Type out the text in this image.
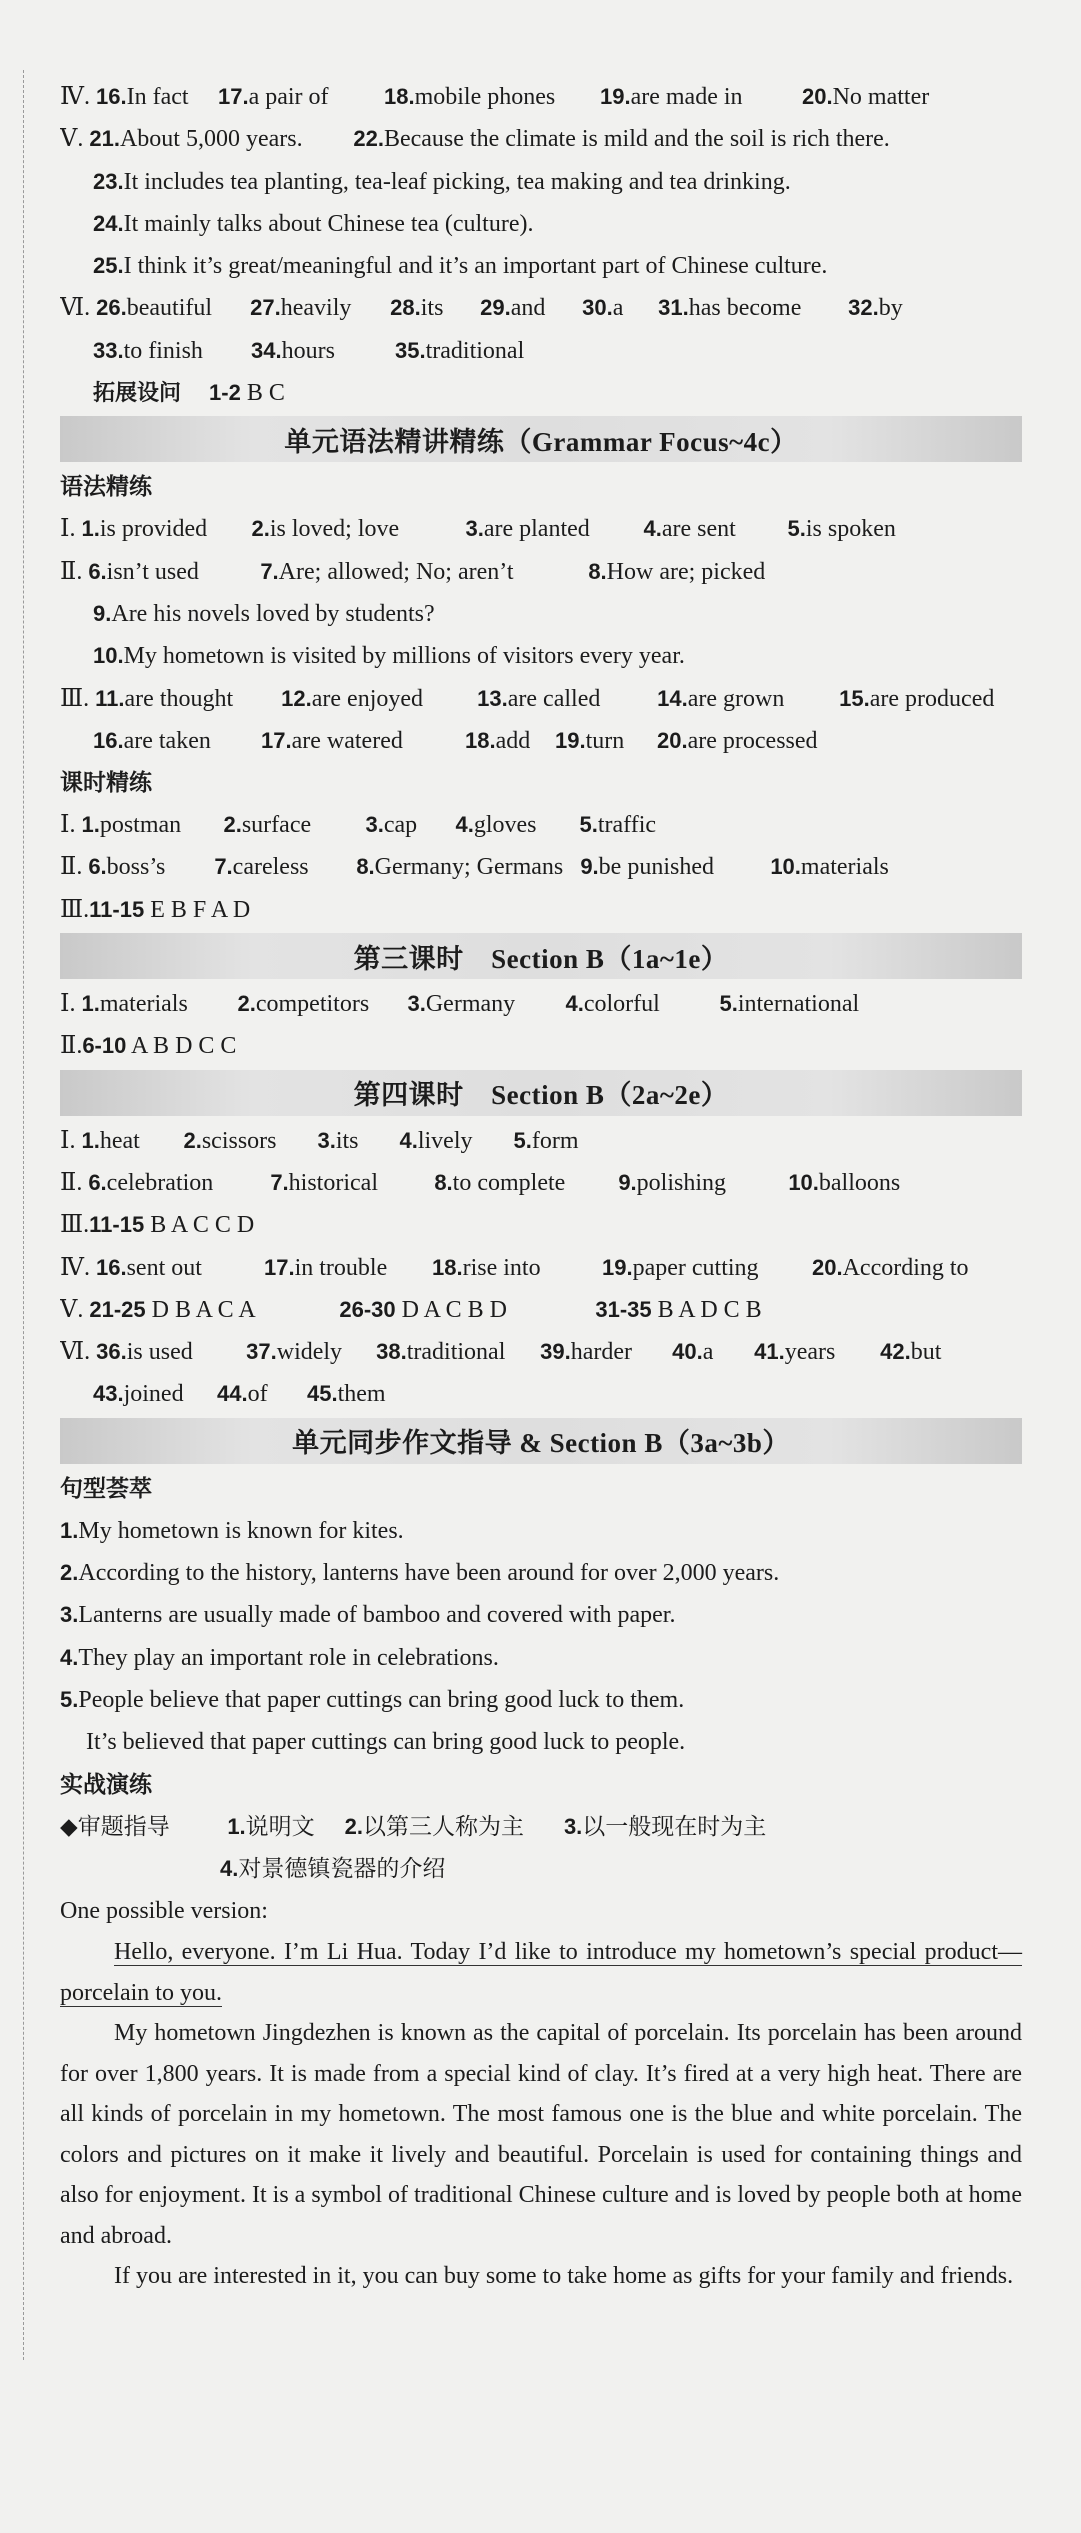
Ⅳ. 16.In fact 17.a pair of	18.mobile phones 19.are made in	20.No matter
Ⅴ. 21.About 5,000 years. 22.Because the climate is mild and the soil is rich there.
23.It includes tea planting, tea-leaf picking, tea making and tea drinking.
24.It mainly talks about Chinese tea (culture).
25.I think it’s great/meaningful and it’s an important part of Chinese culture.
Ⅵ. 26.beautiful 27.heavily 28.its 29.and 30.a 31.has become 32.by
33.to finish 34.hours	35.traditional
拓展设问 1-2 B C
单元语法精讲精练（Grammar Focus~4c）
语法精练
Ⅰ. 1.is provided 2.is loved; love	3.are planted 4.are sent 5.is spoken
Ⅱ. 6.isn’t used	7.Are; allowed; No; aren’t	8.How are; picked
9.Are his novels loved by students?
10.My hometown is visited by millions of visitors every year.
Ⅲ. 11.are thought 12.are enjoyed 13.are called	14.are grown 15.are produced
16.are taken 17.are watered	18.add 19.turn 20.are processed
课时精练
Ⅰ. 1.postman 2.surface 3.cap 4.gloves 5.traffic
Ⅱ. 6.boss’s 7.careless 8.Germany; Germans 9.be punished	10.materials
Ⅲ.11-15 E B F A D
第三课时　Section B（1a~1e）
Ⅰ. 1.materials 2.competitors 3.Germany 4.colorful	5.international
Ⅱ.6-10 A B D C C
第四课时　Section B（2a~2e）
Ⅰ. 1.heat 2.scissors 3.its 4.lively 5.form
Ⅱ. 6.celebration	7.historical	8.to complete 9.polishing	10.balloons
Ⅲ.11-15 B A C C D
Ⅳ. 16.sent out	17.in trouble 18.rise into	19.paper cutting 20.According to
Ⅴ. 21-25 D B A C A	26-30 D A C B D	31-35 B A D C B
Ⅵ. 36.is used 37.widely 38.traditional 39.harder 40.a 41.years 42.but
43.joined 44.of 45.them
单元同步作文指导 & Section B（3a~3b）
句型荟萃
1.My hometown is known for kites.
2.According to the history, lanterns have been around for over 2,000 years.
3.Lanterns are usually made of bamboo and covered with paper.
4.They play an important role in celebrations.
5.People believe that paper cuttings can bring good luck to them.
It’s believed that paper cuttings can bring good luck to people.
实战演练
◆审题指导	1.说明文 2.以第三人称为主 3.以一般现在时为主
4.对景德镇瓷器的介绍
One possible version:
Hello, everyone. I’m Li Hua. Today I’d like to introduce my hometown’s special product—porcelain to you.
My hometown Jingdezhen is known as the capital of porcelain. Its porcelain has been around for over 1,800 years. It is made from a special kind of clay. It’s fired at a very high heat. There are all kinds of porcelain in my hometown. The most famous one is the blue and white porcelain. The colors and pictures on it make it lively and beautiful. Porcelain is used for containing things and also for enjoyment. It is a symbol of traditional Chinese culture and is loved by people both at home and abroad.
If you are interested in it, you can buy some to take home as gifts for your family and friends.
